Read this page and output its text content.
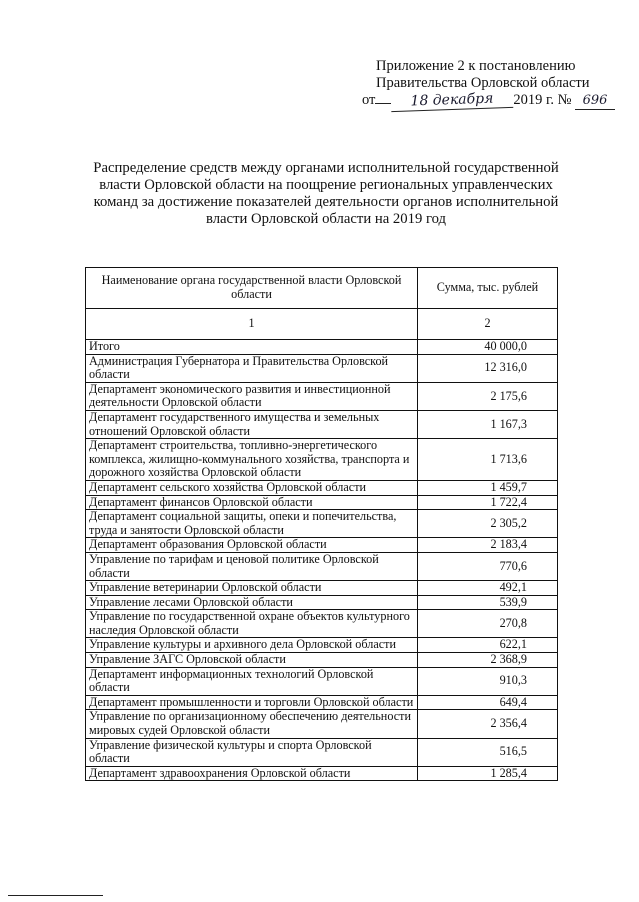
Приложение 2 к постановлению
Правительства Орловской области
от	18 декабря 2019 г. № 696
Распределение средств между органами исполнительной государственной власти Орловской области на поощрение региональных управленческих команд за достижение показателей деятельности органов исполнительной власти Орловской области на 2019 год
Наименование органа государственной власти Орловской области	Сумма, тыс. рублей
1	2
Итого	40 000,0
Администрация Губернатора и Правительства Орловской области	12 316,0
Департамент экономического развития и инвестиционной деятельности Орловской области	2 175,6
Департамент государственного имущества и земельных отношений Орловской области	1 167,3
Департамент строительства, топливно-энергетического комплекса, жилищно-коммунального хозяйства, транспорта и дорожного хозяйства Орловской области	1 713,6
Департамент сельского хозяйства Орловской области	1 459,7
Департамент финансов Орловской области	1 722,4
Департамент социальной защиты, опеки и попечительства, труда и занятости Орловской области	2 305,2
Департамент образования Орловской области	2 183,4
Управление по тарифам и ценовой политике Орловской области	770,6
Управление ветеринарии Орловской области	492,1
Управление лесами Орловской области	539,9
Управление по государственной охране объектов культурного наследия Орловской области	270,8
Управление культуры и архивного дела Орловской области	622,1
Управление ЗАГС Орловской области	2 368,9
Департамент информационных технологий Орловской области	910,3
Департамент промышленности и торговли Орловской области	649,4
Управление по организационному обеспечению деятельности мировых судей Орловской области	2 356,4
Управление физической культуры и спорта Орловской области	516,5
Департамент здравоохранения Орловской области	1 285,4
